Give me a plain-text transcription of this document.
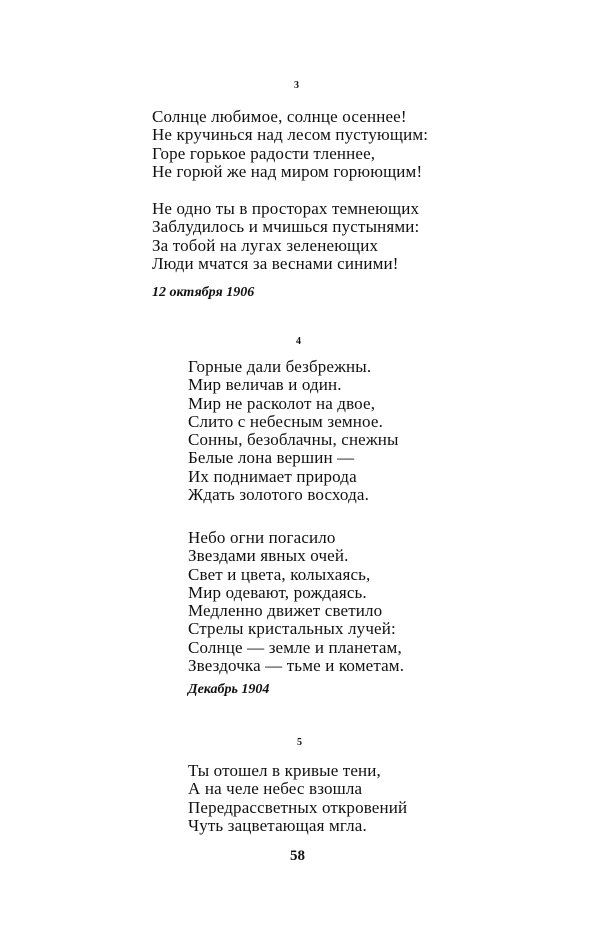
3
Солнце любимое, солнце осеннее!
Не кручинься над лесом пустующим:
Горе горькое радости тленнее,
Не горюй же над миром горюющим!
Не одно ты в просторах темнеющих
Заблудилось и мчишься пустынями:
За тобой на лугах зеленеющих
Люди мчатся за веснами синими!
12 октября 1906
4
Горные дали безбрежны.
Мир величав и один.
Мир не расколот на двое,
Слито с небесным земное.
Сонны, безоблачны, снежны
Белые лона вершин —
Их поднимает природа
Ждать золотого восхода.
Небо огни погасило
Звездами явных очей.
Свет и цвета, колыхаясь,
Мир одевают, рождаясь.
Медленно движет светило
Стрелы кристальных лучей:
Солнце — земле и планетам,
Звездочка — тьме и кометам.
Декабрь 1904
5
Ты отошел в кривые тени,
А на челе небес взошла
Передрассветных откровений
Чуть зацветающая мгла.
58
